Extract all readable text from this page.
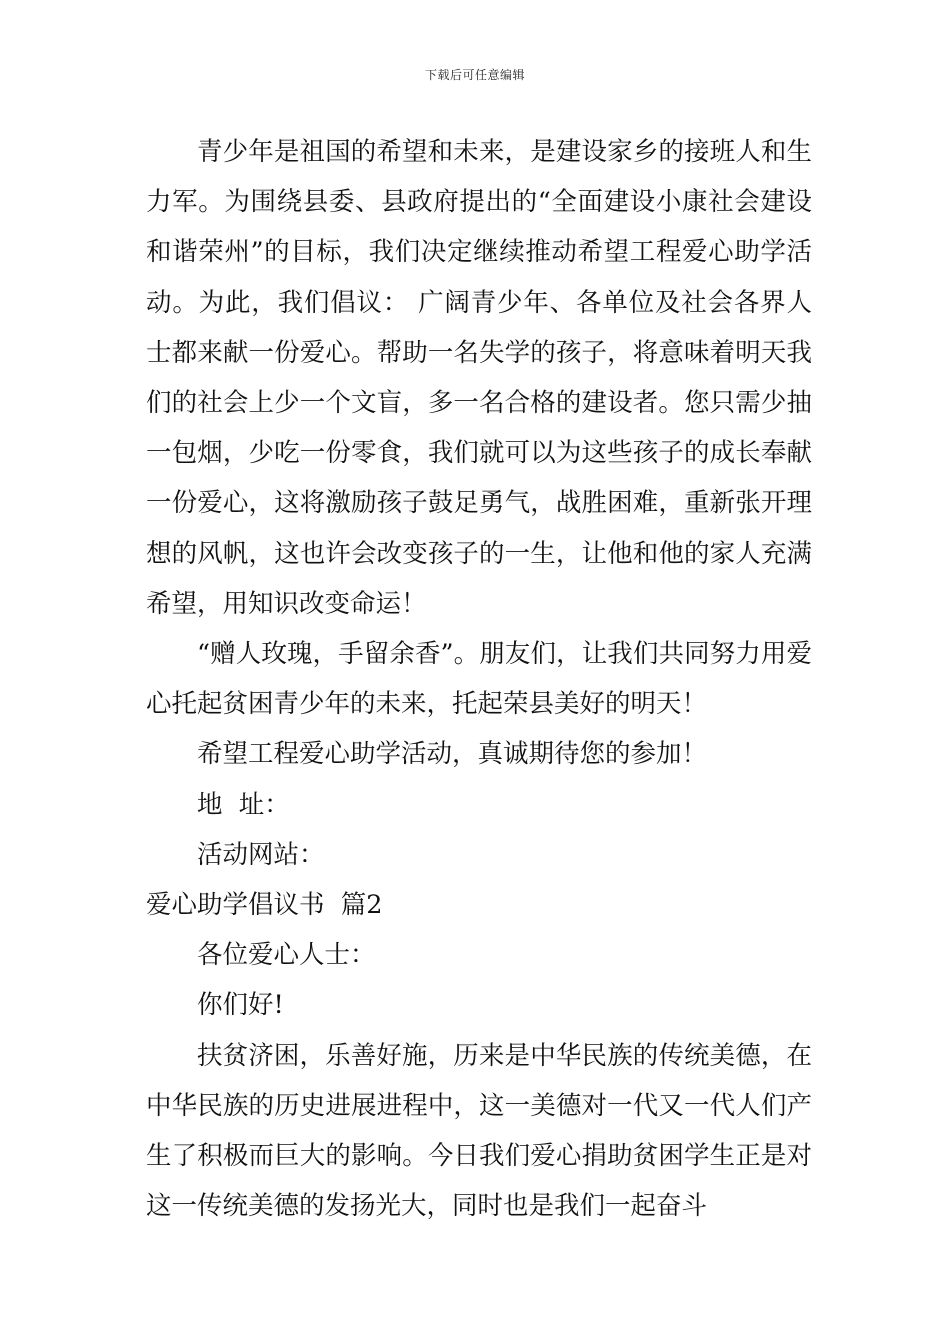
下载后可任意编辑

青少年是祖国的希望和未来，是建设家乡的接班人和生力军。为围绕县委、县政府提出的“全面建设小康社会建设和谐荣州”的目标，我们决定继续推动希望工程爱心助学活动。为此，我们倡议： 广阔青少年、各单位及社会各界人士都来献一份爱心。帮助一名失学的孩子，将意味着明天我们的社会上少一个文盲，多一名合格的建设者。您只需少抽一包烟，少吃一份零食，我们就可以为这些孩子的成长奉献一份爱心，这将激励孩子鼓足勇气，战胜困难，重新张开理想的风帆，这也许会改变孩子的一生，让他和他的家人充满希望，用知识改变命运！

“赠人玫瑰，手留余香”。朋友们，让我们共同努力用爱心托起贫困青少年的未来，托起荣县美好的明天！

希望工程爱心助学活动，真诚期待您的参加！

地  址：

活动网站：

爱心助学倡议书  篇2

各位爱心人士：

你们好!

扶贫济困，乐善好施，历来是中华民族的传统美德，在中华民族的历史进展进程中，这一美德对一代又一代人们产生了积极而巨大的影响。今日我们爱心捐助贫困学生正是对这一传统美德的发扬光大，同时也是我们一起奋斗
